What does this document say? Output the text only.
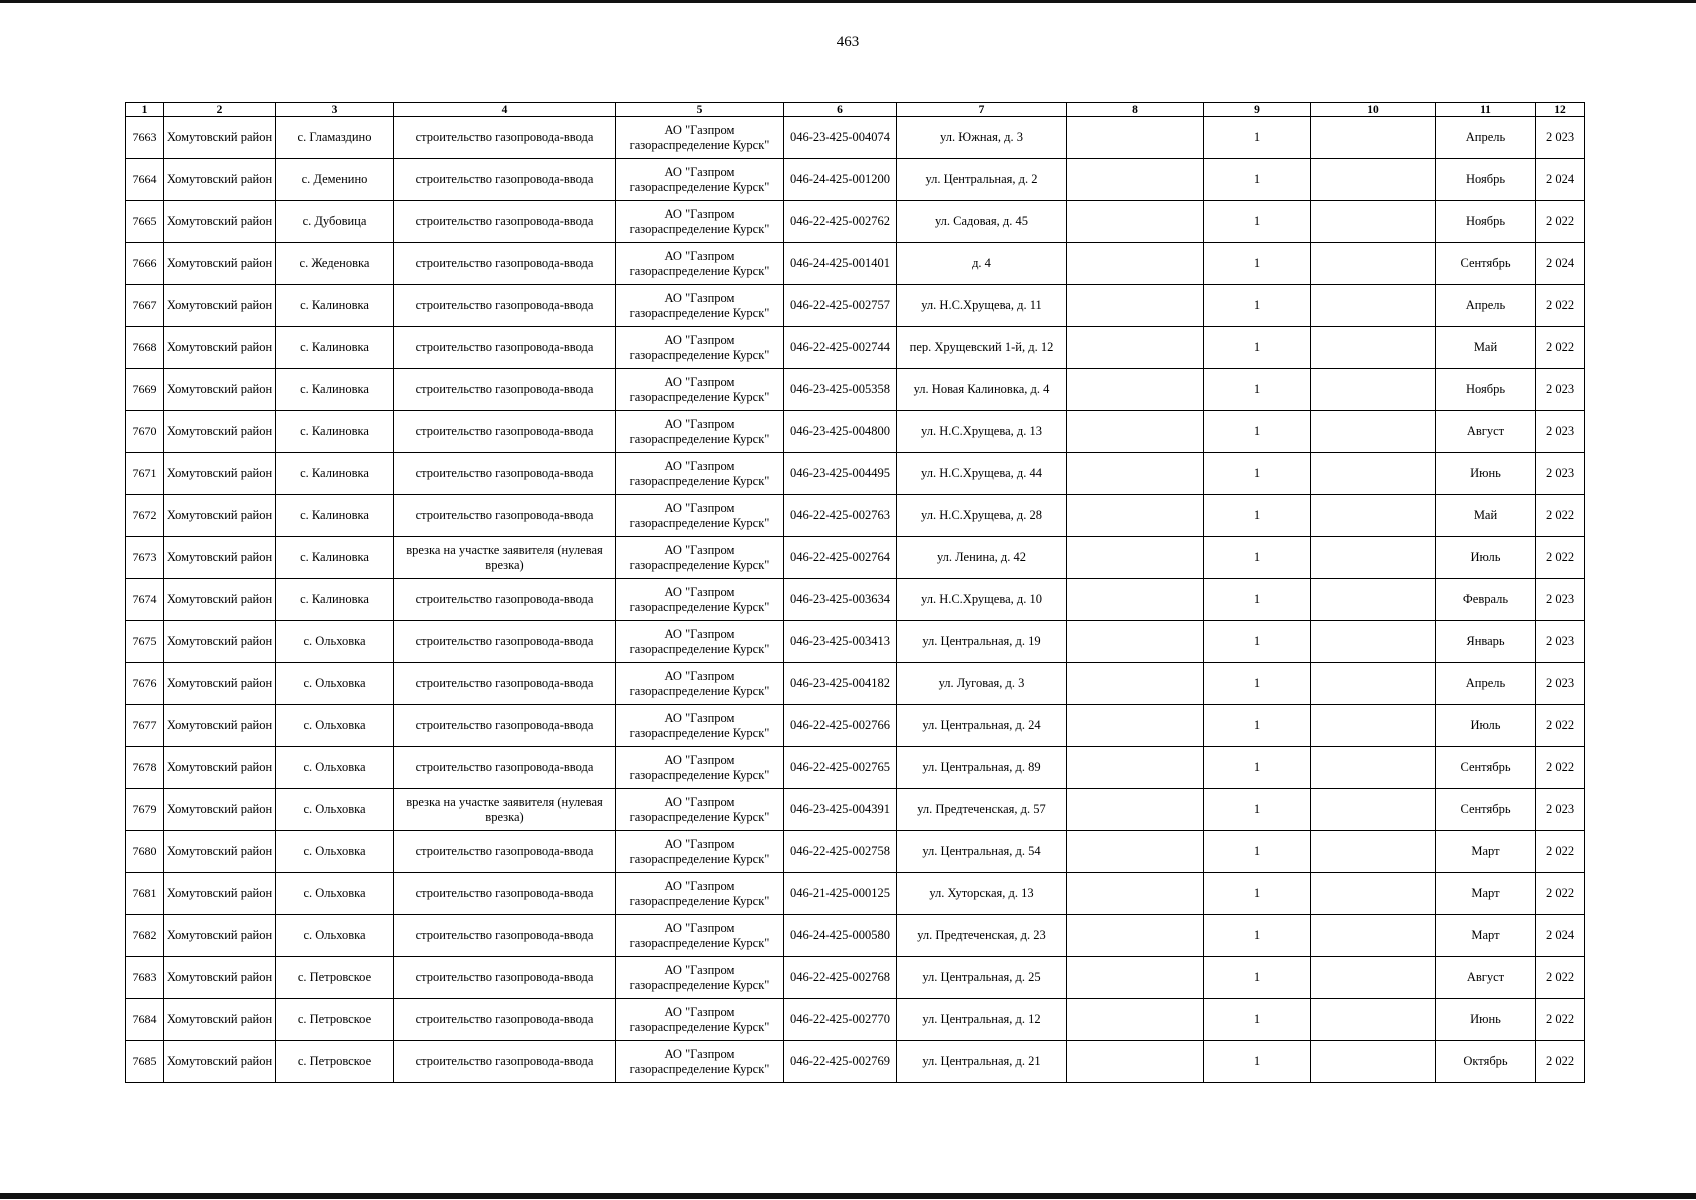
463
1	2	3	4	5	6	7	8	9	10	11	12
7663	Хомутовский район	с. Гламаздино	строительство газопровода-ввода	АО "Газпром газораспределение Курск"	046-23-425-004074	ул. Южная, д. 3		1		Апрель	2 023
7664	Хомутовский район	с. Деменино	строительство газопровода-ввода	АО "Газпром газораспределение Курск"	046-24-425-001200	ул. Центральная, д. 2		1		Ноябрь	2 024
7665	Хомутовский район	с. Дубовица	строительство газопровода-ввода	АО "Газпром газораспределение Курск"	046-22-425-002762	ул. Садовая, д. 45		1		Ноябрь	2 022
7666	Хомутовский район	с. Жеденовка	строительство газопровода-ввода	АО "Газпром газораспределение Курск"	046-24-425-001401	д. 4		1		Сентябрь	2 024
7667	Хомутовский район	с. Калиновка	строительство газопровода-ввода	АО "Газпром газораспределение Курск"	046-22-425-002757	ул. Н.С.Хрущева, д. 11		1		Апрель	2 022
7668	Хомутовский район	с. Калиновка	строительство газопровода-ввода	АО "Газпром газораспределение Курск"	046-22-425-002744	пер. Хрущевский 1-й, д. 12		1		Май	2 022
7669	Хомутовский район	с. Калиновка	строительство газопровода-ввода	АО "Газпром газораспределение Курск"	046-23-425-005358	ул. Новая Калиновка, д. 4		1		Ноябрь	2 023
7670	Хомутовский район	с. Калиновка	строительство газопровода-ввода	АО "Газпром газораспределение Курск"	046-23-425-004800	ул. Н.С.Хрущева, д. 13		1		Август	2 023
7671	Хомутовский район	с. Калиновка	строительство газопровода-ввода	АО "Газпром газораспределение Курск"	046-23-425-004495	ул. Н.С.Хрущева, д. 44		1		Июнь	2 023
7672	Хомутовский район	с. Калиновка	строительство газопровода-ввода	АО "Газпром газораспределение Курск"	046-22-425-002763	ул. Н.С.Хрущева, д. 28		1		Май	2 022
7673	Хомутовский район	с. Калиновка	врезка на участке заявителя (нулевая врезка)	АО "Газпром газораспределение Курск"	046-22-425-002764	ул. Ленина, д. 42		1		Июль	2 022
7674	Хомутовский район	с. Калиновка	строительство газопровода-ввода	АО "Газпром газораспределение Курск"	046-23-425-003634	ул. Н.С.Хрущева, д. 10		1		Февраль	2 023
7675	Хомутовский район	с. Ольховка	строительство газопровода-ввода	АО "Газпром газораспределение Курск"	046-23-425-003413	ул. Центральная, д. 19		1		Январь	2 023
7676	Хомутовский район	с. Ольховка	строительство газопровода-ввода	АО "Газпром газораспределение Курск"	046-23-425-004182	ул. Луговая, д. 3		1		Апрель	2 023
7677	Хомутовский район	с. Ольховка	строительство газопровода-ввода	АО "Газпром газораспределение Курск"	046-22-425-002766	ул. Центральная, д. 24		1		Июль	2 022
7678	Хомутовский район	с. Ольховка	строительство газопровода-ввода	АО "Газпром газораспределение Курск"	046-22-425-002765	ул. Центральная, д. 89		1		Сентябрь	2 022
7679	Хомутовский район	с. Ольховка	врезка на участке заявителя (нулевая врезка)	АО "Газпром газораспределение Курск"	046-23-425-004391	ул. Предтеченская, д. 57		1		Сентябрь	2 023
7680	Хомутовский район	с. Ольховка	строительство газопровода-ввода	АО "Газпром газораспределение Курск"	046-22-425-002758	ул. Центральная, д. 54		1		Март	2 022
7681	Хомутовский район	с. Ольховка	строительство газопровода-ввода	АО "Газпром газораспределение Курск"	046-21-425-000125	ул. Хуторская, д. 13		1		Март	2 022
7682	Хомутовский район	с. Ольховка	строительство газопровода-ввода	АО "Газпром газораспределение Курск"	046-24-425-000580	ул. Предтеченская, д. 23		1		Март	2 024
7683	Хомутовский район	с. Петровское	строительство газопровода-ввода	АО "Газпром газораспределение Курск"	046-22-425-002768	ул. Центральная, д. 25		1		Август	2 022
7684	Хомутовский район	с. Петровское	строительство газопровода-ввода	АО "Газпром газораспределение Курск"	046-22-425-002770	ул. Центральная, д. 12		1		Июнь	2 022
7685	Хомутовский район	с. Петровское	строительство газопровода-ввода	АО "Газпром газораспределение Курск"	046-22-425-002769	ул. Центральная, д. 21		1		Октябрь	2 022
